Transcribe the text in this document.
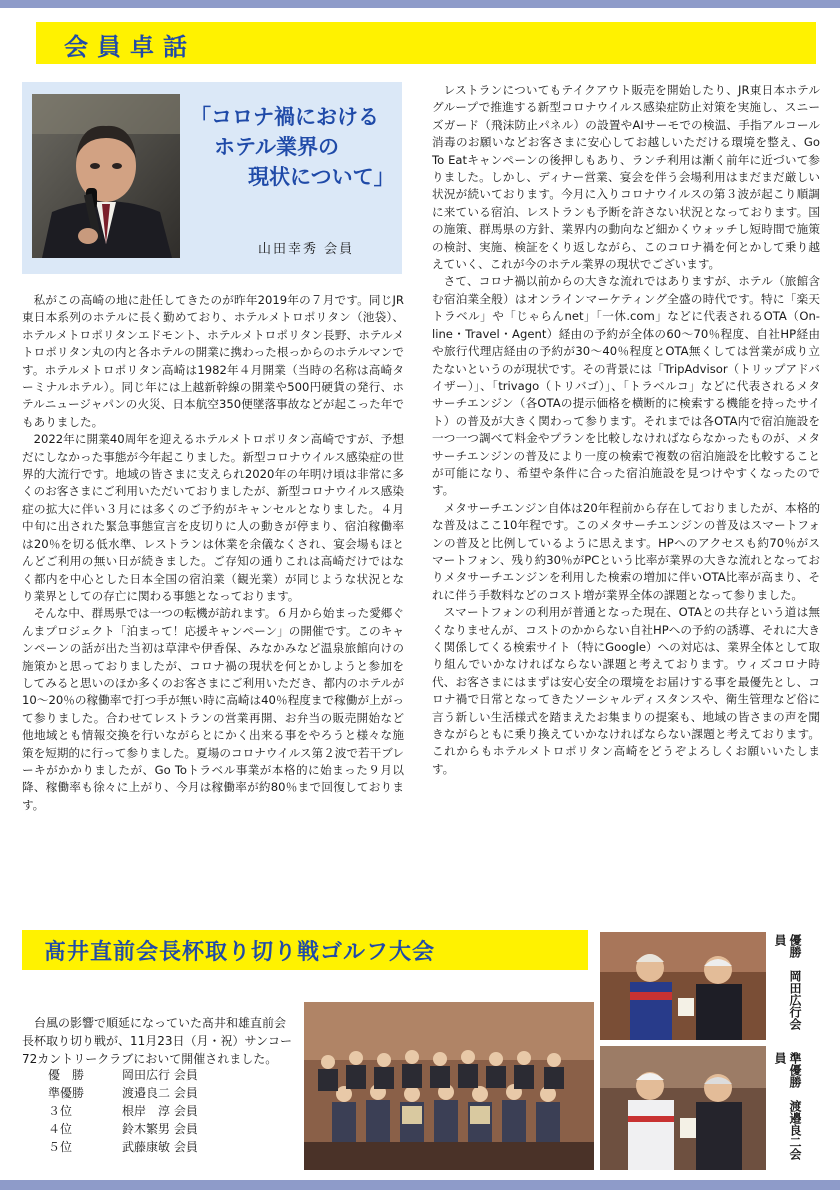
会員卓話
「コロナ禍における
ホテル業界の
現状について」
山田幸秀 会員

私がこの高崎の地に赴任してきたのが昨年2019年の７月です。同じJR東日本系列のホテルに長く勤めており、ホテルメトロポリタン（池袋）、ホテルメトロポリタンエドモント、ホテルメトロポリタン長野、ホテルメトロポリタン丸の内と各ホテルの開業に携わった根っからのホテルマンです。ホテルメトロポリタン高崎は1982年４月開業（当時の名称は高崎ターミナルホテル）。同じ年には上越新幹線の開業や500円硬貨の発行、ホテルニュージャパンの火災、日本航空350便墜落事故などが起こった年でもありました。

2022年に開業40周年を迎えるホテルメトロポリタン高崎ですが、予想だにしなかった事態が今年起こりました。新型コロナウイルス感染症の世界的大流行です。地域の皆さまに支えられ2020年の年明け頃は非常に多くのお客さまにご利用いただいておりましたが、新型コロナウイルス感染症の拡大に伴い３月には多くのご予約がキャンセルとなりました。４月中旬に出された緊急事態宣言を皮切りに人の動きが停まり、宿泊稼働率は20％を切る低水準、レストランは休業を余儀なくされ、宴会場もほとんどご利用の無い日が続きました。ご存知の通りこれは高崎だけではなく都内を中心とした日本全国の宿泊業（観光業）が同じような状況となり業界としての存亡に関わる事態となっております。

そんな中、群馬県では一つの転機が訪れます。６月から始まった愛郷ぐんまプロジェクト「泊まって！応援キャンペーン」の開催です。このキャンペーンの話が出た当初は草津や伊香保、みなかみなど温泉旅館向けの施策かと思っておりましたが、コロナ禍の現状を何とかしようと参加をしてみると思いのほか多くのお客さまにご利用いただき、都内のホテルが10～20％の稼働率で打つ手が無い時に高崎は40％程度まで稼働が上がって参りました。合わせてレストランの営業再開、お弁当の販売開始など他地域とも情報交換を行いながらとにかく出来る事をやろうと様々な施策を短期的に行って参りました。夏場のコロナウイルス第２波で若干ブレーキがかかりましたが、Go Toトラベル事業が本格的に始まった９月以降、稼働率も徐々に上がり、今月は稼働率が約80％まで回復しております。

レストランについてもテイクアウト販売を開始したり、JR東日本ホテルグループで推進する新型コロナウイルス感染症防止対策を実施し、スニーズガード（飛沫防止パネル）の設置やAIサーモでの検温、手指アルコール消毒のお願いなどお客さまに安心してお越しいただける環境を整え、Go To Eatキャンペーンの後押しもあり、ランチ利用は漸く前年に近づいて参りました。しかし、ディナー営業、宴会を伴う会場利用はまだまだ厳しい状況が続いております。今月に入りコロナウイルスの第３波が起こり順調に来ている宿泊、レストランも予断を許さない状況となっております。国の施策、群馬県の方針、業界内の動向など細かくウォッチし短時間で施策の検討、実施、検証をくり返しながら、このコロナ禍を何とかして乗り越えていく、これが今のホテル業界の現状でございます。

さて、コロナ禍以前からの大きな流れではありますが、ホテル（旅館含む宿泊業全般）はオンラインマーケティング全盛の時代です。特に「楽天トラベル」や「じゃらんnet」「一休.com」などに代表されるOTA（On-line・Travel・Agent）経由の予約が全体の60～70％程度、自社HP経由や旅行代理店経由の予約が30～40％程度とOTA無くしては営業が成り立たないというのが現状です。その背景には「TripAdvisor（トリップアドバイザー）」、「trivago（トリバゴ）」、「トラベルコ」などに代表されるメタサーチエンジン（各OTAの提示価格を横断的に検索する機能を持ったサイト）の普及が大きく関わって参ります。それまでは各OTA内で宿泊施設を一つ一つ調べて料金やプランを比較しなければならなかったものが、メタサーチエンジンの普及により一度の検索で複数の宿泊施設を比較することが可能になり、希望や条件に合った宿泊施設を見つけやすくなったのです。

メタサーチエンジン自体は20年程前から存在しておりましたが、本格的な普及はここ10年程です。このメタサーチエンジンの普及はスマートフォンの普及と比例しているように思えます。HPへのアクセスも約70％がスマートフォン、残り約30％がPCという比率が業界の大きな流れとなっておりメタサーチエンジンを利用した検索の増加に伴いOTA比率が高まり、それに伴う手数料などのコスト増が業界全体の課題となって参りました。

スマートフォンの利用が普通となった現在、OTAとの共存という道は無くなりませんが、コストのかからない自社HPへの予約の誘導、それに大きく関係してくる検索サイト（特にGoogle）への対応は、業界全体として取り組んでいかなければならない課題と考えております。ウィズコロナ時代、お客さまにはまずは安心安全の環境をお届けする事を最優先とし、コロナ禍で日常となってきたソーシャルディスタンスや、衛生管理など俗に言う新しい生活様式を踏まえたお集まりの提案も、地域の皆さまの声を聞きながらともに乗り換えていかなければならない課題と考えております。これからもホテルメトロポリタン高崎をどうぞよろしくお願いいたします。

髙井直前会長杯取り切り戦ゴルフ大会

台風の影響で順延になっていた髙井和雄直前会長杯取り切り戦が、11月23日（月・祝）サンコー72カントリークラブにおいて開催されました。

優　勝	岡田広行 会員
準優勝	渡邉良二 会員
３位	根岸　淳 会員
４位	鈴木繁男 会員
５位	武藤康敏 会員
優勝　岡田広行会員
準優勝　渡邉良二会員
